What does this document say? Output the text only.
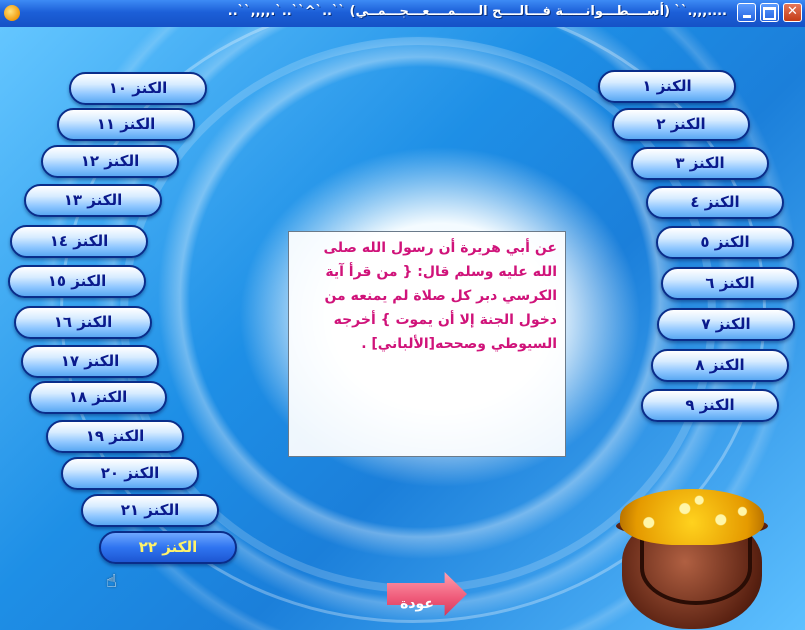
....,,,.`` (أســــطـــوانـــــة فـــالــــح الـــــمــــعـــجـــمــي) ``..`^``..`.,,,,``..	✕
الكنز ١٠
الكنز ١١
الكنز ١٢
الكنز ١٣
الكنز ١٤
الكنز ١٥
الكنز ١٦
الكنز ١٧
الكنز ١٨
الكنز ١٩
الكنز ٢٠
الكنز ٢١
الكنز ٢٢
☝
الكنز ١
الكنز ٢
الكنز ٣
الكنز ٤
الكنز ٥
الكنز ٦
الكنز ٧
الكنز ٨
الكنز ٩
عن أبي هريرة أن رسول الله صلى الله عليه وسلم قال: { من قرأ آية الكرسي دبر كل صلاة لم يمنعه من دخول الجنة إلا أن يموت } أخرجه السيوطي وصححه[الألباني] .
عودة
